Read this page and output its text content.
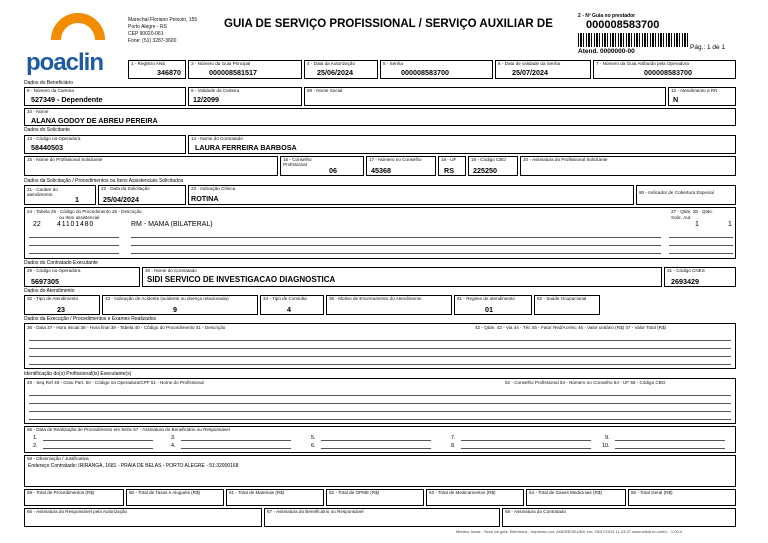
poaclin
Marechal Floriano Peixoto, 155
Porto Alegre - RS
CEP 90020-061
Fone: (51) 3287-3600
GUIA DE SERVIÇO PROFISSIONAL / SERVIÇO AUXILIAR DE
2 - Nº Guia no prestador
000008583700
Atend. 0000000-00
Pág.: 1 de 1
1 - Registro ANS
346870
3 - Número da Guia Principal
000008581517
4 - Data da Autorização
25/06/2024
5 - Senha
000008583700
6 - Data de validade da Senha
25/07/2024
7 - Número da Guia Atribuído pela Operadora
000008583700
Dados do Beneficiário
8 - Número da Carteira
527349 - Dependente
9 - Validade da Carteira
12/2099
89 - Nome Social	12 - Atendimento a RN
N
10 - Nome
ALANA GODOY DE ABREU PEREIRA
Dados do Solicitante
13 - Código na Operadora
58440503
14 - Nome do Contratado
LAURA FERREIRA BARBOSA
15 - Nome do Profissional Solicitante	16 - Conselho Profissional
06
17 - Número no Conselho
45368
18 - UF
RS
19 - Código CBO
225250
20 - Assinatura do Profissional Solicitante
Dados da Solicitação / Procedimentos ou Itens Assistenciais Solicitados
21 - Caráter do atendimento
1
22 - Data da Solicitação
25/04/2024
23 - Indicação Clínica
ROTINA
90 - Indicador de Cobertura Especial
24 - Tabela 25 - Código do Procedimento 26 - Descrição
ou Item assistencial
27 - Qtde. 28 - Qtde.
Solic. Aut.
22 41101480	RM - MAMA (BILATERAL)	1	1
Dados do Contratado Executante
29 - Código na Operadora
5697305
30 - Nome do Contratado
SIDI SERVICO DE INVESTIGACAO DIAGNOSTICA
31 - Código CNES
2693429
Dados do Atendimento
32 - Tipo de Atendimento
23
33 - Indicação de Acidente (acidente ou doença relacionada)
9
34 - Tipo de Consulta
4
35 - Motivo de Encerramento do Atendimento	91 - Regime de atendimento
01
92 - Saúde Ocupacional
Dados da Execução / Procedimentos e Exames Realizados
36 - Data 37 - Hora Inicial 38 - Hora final 39 - Tabela 40 - Código do Procedimento 41 - Descrição	42 - Qtde. 43 - Via 44 - Téc 45 - Fator Red/Acrésc 46 - Valor unitário (R$) 47 - Valor Total (R$)
Identificação do(s) Profissional(is) Executante(s)
48 - Seq.Ref 49 - Grau Part. 50 - Código na Operadora/CPF 51 - Nome do Profissional	52 - Conselho Profissional 53 - Número no Conselho 54 - UF 55 - Código CBO
56 - Data de Realização de Procedimento em Série 57 - Assinatura do Beneficiário ou Responsável
1.
2.
3.
4.
5.
6.
7.
8.
9.
10.
58 - Observação / Justificativa
Endereço Contratado: IRIRANGA, 1681 - PRAIA DE BELAS - PORTO ALEGRE - 51:32000168
59 - Total de Procedimentos (R$)	60 - Total de Taxas e Aluguéis (R$)	61 - Total de Materiais (R$)	62 - Total de OPME (R$)	63 - Total de Medicamentos (R$)	64 - Total de Gases Medicinais (R$)	65 - Total Geral (R$)
66 - Assinatura do Responsável pela Autorização	67 - Assinatura do Beneficiário ou Responsável	68 - Assinatura do Contratado
Médico: lucas - Sexo da guia: Eletrônica - Impresso por: ANDRE/SEUNG em: 25/07/2024 11:24:37 www.sdlub.br.com/c - 1:00:4
